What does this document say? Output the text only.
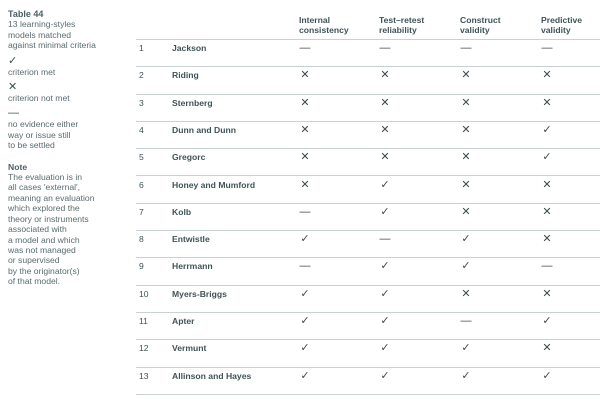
Table 44
13 learning-styles
models matched
against minimal criteria
✓
criterion met
✕
criterion not met
—
no evidence either
way or issue still
to be settled
Note
The evaluation is in
all cases 'external',
meaning an evaluation
which explored the
theory or instruments
associated with
a model and which
was not managed
or supervised
by the originator(s)
of that model.
Internal
consistency
Test–retest
reliability
Construct
validity
Predictive
validity
1	Jackson	—	—	—	—
2	Riding	✕	✕	✕	✕
3	Sternberg	✕	✕	✕	✕
4	Dunn and Dunn	✕	✕	✕	✓
5	Gregorc	✕	✕	✕	✓
6	Honey and Mumford	✕	✓	✕	✕
7	Kolb	—	✓	✕	✕
8	Entwistle	✓	—	✓	✕
9	Herrmann	—	✓	✓	—
10	Myers-Briggs	✓	✓	✕	✕
11	Apter	✓	✓	—	✓
12	Vermunt	✓	✓	✓	✕
13	Allinson and Hayes	✓	✓	✓	✓
